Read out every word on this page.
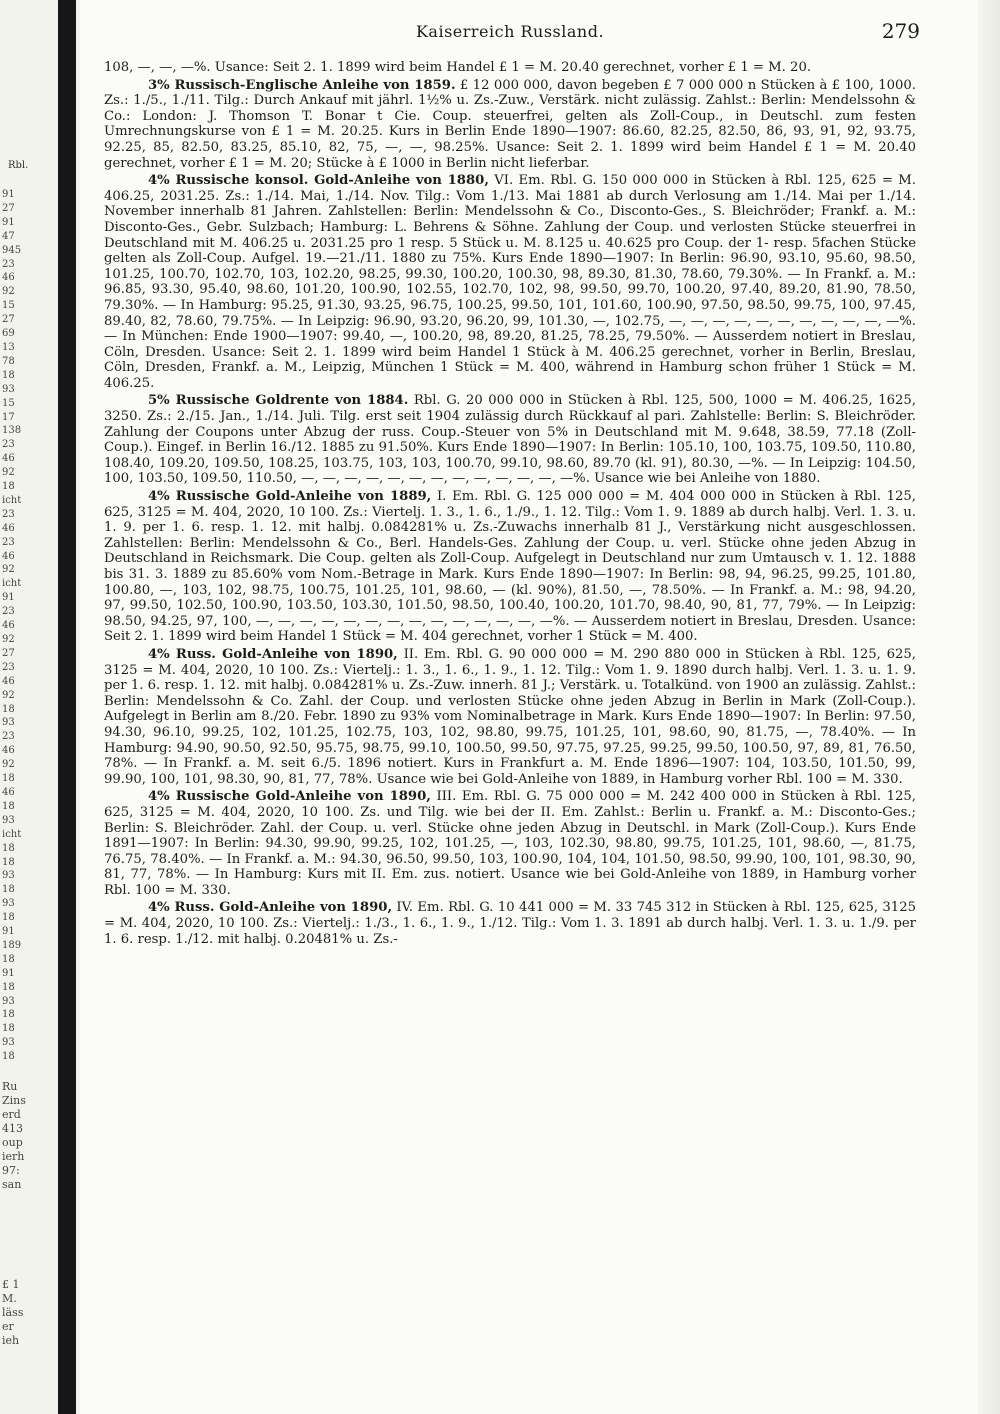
Rbl.
91
27
91
47
945
23
46
92
15
27
69
13
78
18
93
15
17
138
23
46
92
18
icht
23
46
23
46
92
icht
91
23
46
92
27
23
46
92
18
93
23
46
92
18
46
18
93
icht
18
18
93
18
93
18
91
189
18
91
18
93
18
18
93
18
Ru
Zins
erd
413
oup
ierh
97:
san
£ 1
M.
läss
er
ieh
Kaiserreich Russland.	279

108, —, —, —%. Usance: Seit 2. 1. 1899 wird beim Handel £ 1 = M. 20.40 gerechnet, vorher £ 1 = M. 20.

3% Russisch-Englische Anleihe von 1859. £ 12 000 000, davon begeben £ 7 000 000 n Stücken à £ 100, 1000. Zs.: 1./5., 1./11. Tilg.: Durch Ankauf mit jährl. 1½% u. Zs.-Zuw., Verstärk. nicht zulässig. Zahlst.: Berlin: Mendelssohn & Co.: London: J. Thomson T. Bonar t Cie. Coup. steuerfrei, gelten als Zoll-Coup., in Deutschl. zum festen Umrechnungskurse von £ 1 = M. 20.25. Kurs in Berlin Ende 1890—1907: 86.60, 82.25, 82.50, 86, 93, 91, 92, 93.75, 92.25, 85, 82.50, 83.25, 85.10, 82, 75, —, —, 98.25%. Usance: Seit 2. 1. 1899 wird beim Handel £ 1 = M. 20.40 gerechnet, vorher £ 1 = M. 20; Stücke à £ 1000 in Berlin nicht lieferbar.

4% Russische konsol. Gold-Anleihe von 1880, VI. Em. Rbl. G. 150 000 000 in Stücken à Rbl. 125, 625 = M. 406.25, 2031.25. Zs.: 1./14. Mai, 1./14. Nov. Tilg.: Vom 1./13. Mai 1881 ab durch Verlosung am 1./14. Mai per 1./14. November innerhalb 81 Jahren. Zahlstellen: Berlin: Mendelssohn & Co., Disconto-Ges., S. Bleichröder; Frankf. a. M.: Disconto-Ges., Gebr. Sulzbach; Hamburg: L. Behrens & Söhne. Zahlung der Coup. und verlosten Stücke steuerfrei in Deutschland mit M. 406.25 u. 2031.25 pro 1 resp. 5 Stück u. M. 8.125 u. 40.625 pro Coup. der 1- resp. 5fachen Stücke gelten als Zoll-Coup. Aufgel. 19.—21./11. 1880 zu 75%. Kurs Ende 1890—1907: In Berlin: 96.90, 93.10, 95.60, 98.50, 101.25, 100.70, 102.70, 103, 102.20, 98.25, 99.30, 100.20, 100.30, 98, 89.30, 81.30, 78.60, 79.30%. — In Frankf. a. M.: 96.85, 93.30, 95.40, 98.60, 101.20, 100.90, 102.55, 102.70, 102, 98, 99.50, 99.70, 100.20, 97.40, 89.20, 81.90, 78.50, 79.30%. — In Hamburg: 95.25, 91.30, 93.25, 96.75, 100.25, 99.50, 101, 101.60, 100.90, 97.50, 98.50, 99.75, 100, 97.45, 89.40, 82, 78.60, 79.75%. — In Leipzig: 96.90, 93.20, 96.20, 99, 101.30, —, 102.75, —, —, —, —, —, —, —, —, —, —, —%. — In München: Ende 1900—1907: 99.40, —, 100.20, 98, 89.20, 81.25, 78.25, 79.50%. — Ausserdem notiert in Breslau, Cöln, Dresden. Usance: Seit 2. 1. 1899 wird beim Handel 1 Stück à M. 406.25 gerechnet, vorher in Berlin, Breslau, Cöln, Dresden, Frankf. a. M., Leipzig, München 1 Stück = M. 400, während in Hamburg schon früher 1 Stück = M. 406.25.

5% Russische Goldrente von 1884. Rbl. G. 20 000 000 in Stücken à Rbl. 125, 500, 1000 = M. 406.25, 1625, 3250. Zs.: 2./15. Jan., 1./14. Juli. Tilg. erst seit 1904 zulässig durch Rückkauf al pari. Zahlstelle: Berlin: S. Bleichröder. Zahlung der Coupons unter Abzug der russ. Coup.-Steuer von 5% in Deutschland mit M. 9.648, 38.59, 77.18 (Zoll-Coup.). Eingef. in Berlin 16./12. 1885 zu 91.50%. Kurs Ende 1890—1907: In Berlin: 105.10, 100, 103.75, 109.50, 110.80, 108.40, 109.20, 109.50, 108.25, 103.75, 103, 103, 100.70, 99.10, 98.60, 89.70 (kl. 91), 80.30, —%. — In Leipzig: 104.50, 100, 103.50, 109.50, 110.50, —, —, —, —, —, —, —, —, —, —, —, —, —%. Usance wie bei Anleihe von 1880.

4% Russische Gold-Anleihe von 1889, I. Em. Rbl. G. 125 000 000 = M. 404 000 000 in Stücken à Rbl. 125, 625, 3125 = M. 404, 2020, 10 100. Zs.: Viertelj. 1. 3., 1. 6., 1./9., 1. 12. Tilg.: Vom 1. 9. 1889 ab durch halbj. Verl. 1. 3. u. 1. 9. per 1. 6. resp. 1. 12. mit halbj. 0.084281% u. Zs.-Zuwachs innerhalb 81 J., Verstärkung nicht ausgeschlossen. Zahlstellen: Berlin: Mendelssohn & Co., Berl. Handels-Ges. Zahlung der Coup. u. verl. Stücke ohne jeden Abzug in Deutschland in Reichsmark. Die Coup. gelten als Zoll-Coup. Aufgelegt in Deutschland nur zum Umtausch v. 1. 12. 1888 bis 31. 3. 1889 zu 85.60% vom Nom.-Betrage in Mark. Kurs Ende 1890—1907: In Berlin: 98, 94, 96.25, 99.25, 101.80, 100.80, —, 103, 102, 98.75, 100.75, 101.25, 101, 98.60, — (kl. 90%), 81.50, —, 78.50%. — In Frankf. a. M.: 98, 94.20, 97, 99.50, 102.50, 100.90, 103.50, 103.30, 101.50, 98.50, 100.40, 100.20, 101.70, 98.40, 90, 81, 77, 79%. — In Leipzig: 98.50, 94.25, 97, 100, —, —, —, —, —, —, —, —, —, —, —, —, —, —%. — Ausserdem notiert in Breslau, Dresden. Usance: Seit 2. 1. 1899 wird beim Handel 1 Stück = M. 404 gerechnet, vorher 1 Stück = M. 400.

4% Russ. Gold-Anleihe von 1890, II. Em. Rbl. G. 90 000 000 = M. 290 880 000 in Stücken à Rbl. 125, 625, 3125 = M. 404, 2020, 10 100. Zs.: Viertelj.: 1. 3., 1. 6., 1. 9., 1. 12. Tilg.: Vom 1. 9. 1890 durch halbj. Verl. 1. 3. u. 1. 9. per 1. 6. resp. 1. 12. mit halbj. 0.084281% u. Zs.-Zuw. innerh. 81 J.; Verstärk. u. Totalkünd. von 1900 an zulässig. Zahlst.: Berlin: Mendelssohn & Co. Zahl. der Coup. und verlosten Stücke ohne jeden Abzug in Berlin in Mark (Zoll-Coup.). Aufgelegt in Berlin am 8./20. Febr. 1890 zu 93% vom Nominalbetrage in Mark. Kurs Ende 1890—1907: In Berlin: 97.50, 94.30, 96.10, 99.25, 102, 101.25, 102.75, 103, 102, 98.80, 99.75, 101.25, 101, 98.60, 90, 81.75, —, 78.40%. — In Hamburg: 94.90, 90.50, 92.50, 95.75, 98.75, 99.10, 100.50, 99.50, 97.75, 97.25, 99.25, 99.50, 100.50, 97, 89, 81, 76.50, 78%. — In Frankf. a. M. seit 6./5. 1896 notiert. Kurs in Frankfurt a. M. Ende 1896—1907: 104, 103.50, 101.50, 99, 99.90, 100, 101, 98.30, 90, 81, 77, 78%. Usance wie bei Gold-Anleihe von 1889, in Hamburg vorher Rbl. 100 = M. 330.

4% Russische Gold-Anleihe von 1890, III. Em. Rbl. G. 75 000 000 = M. 242 400 000 in Stücken à Rbl. 125, 625, 3125 = M. 404, 2020, 10 100. Zs. und Tilg. wie bei der II. Em. Zahlst.: Berlin u. Frankf. a. M.: Disconto-Ges.; Berlin: S. Bleichröder. Zahl. der Coup. u. verl. Stücke ohne jeden Abzug in Deutschl. in Mark (Zoll-Coup.). Kurs Ende 1891—1907: In Berlin: 94.30, 99.90, 99.25, 102, 101.25, —, 103, 102.30, 98.80, 99.75, 101.25, 101, 98.60, —, 81.75, 76.75, 78.40%. — In Frankf. a. M.: 94.30, 96.50, 99.50, 103, 100.90, 104, 104, 101.50, 98.50, 99.90, 100, 101, 98.30, 90, 81, 77, 78%. — In Hamburg: Kurs mit II. Em. zus. notiert. Usance wie bei Gold-Anleihe von 1889, in Hamburg vorher Rbl. 100 = M. 330.

4% Russ. Gold-Anleihe von 1890, IV. Em. Rbl. G. 10 441 000 = M. 33 745 312 in Stücken à Rbl. 125, 625, 3125 = M. 404, 2020, 10 100. Zs.: Viertelj.: 1./3., 1. 6., 1. 9., 1./12. Tilg.: Vom 1. 3. 1891 ab durch halbj. Verl. 1. 3. u. 1./9. per 1. 6. resp. 1./12. mit halbj. 0.20481% u. Zs.-
